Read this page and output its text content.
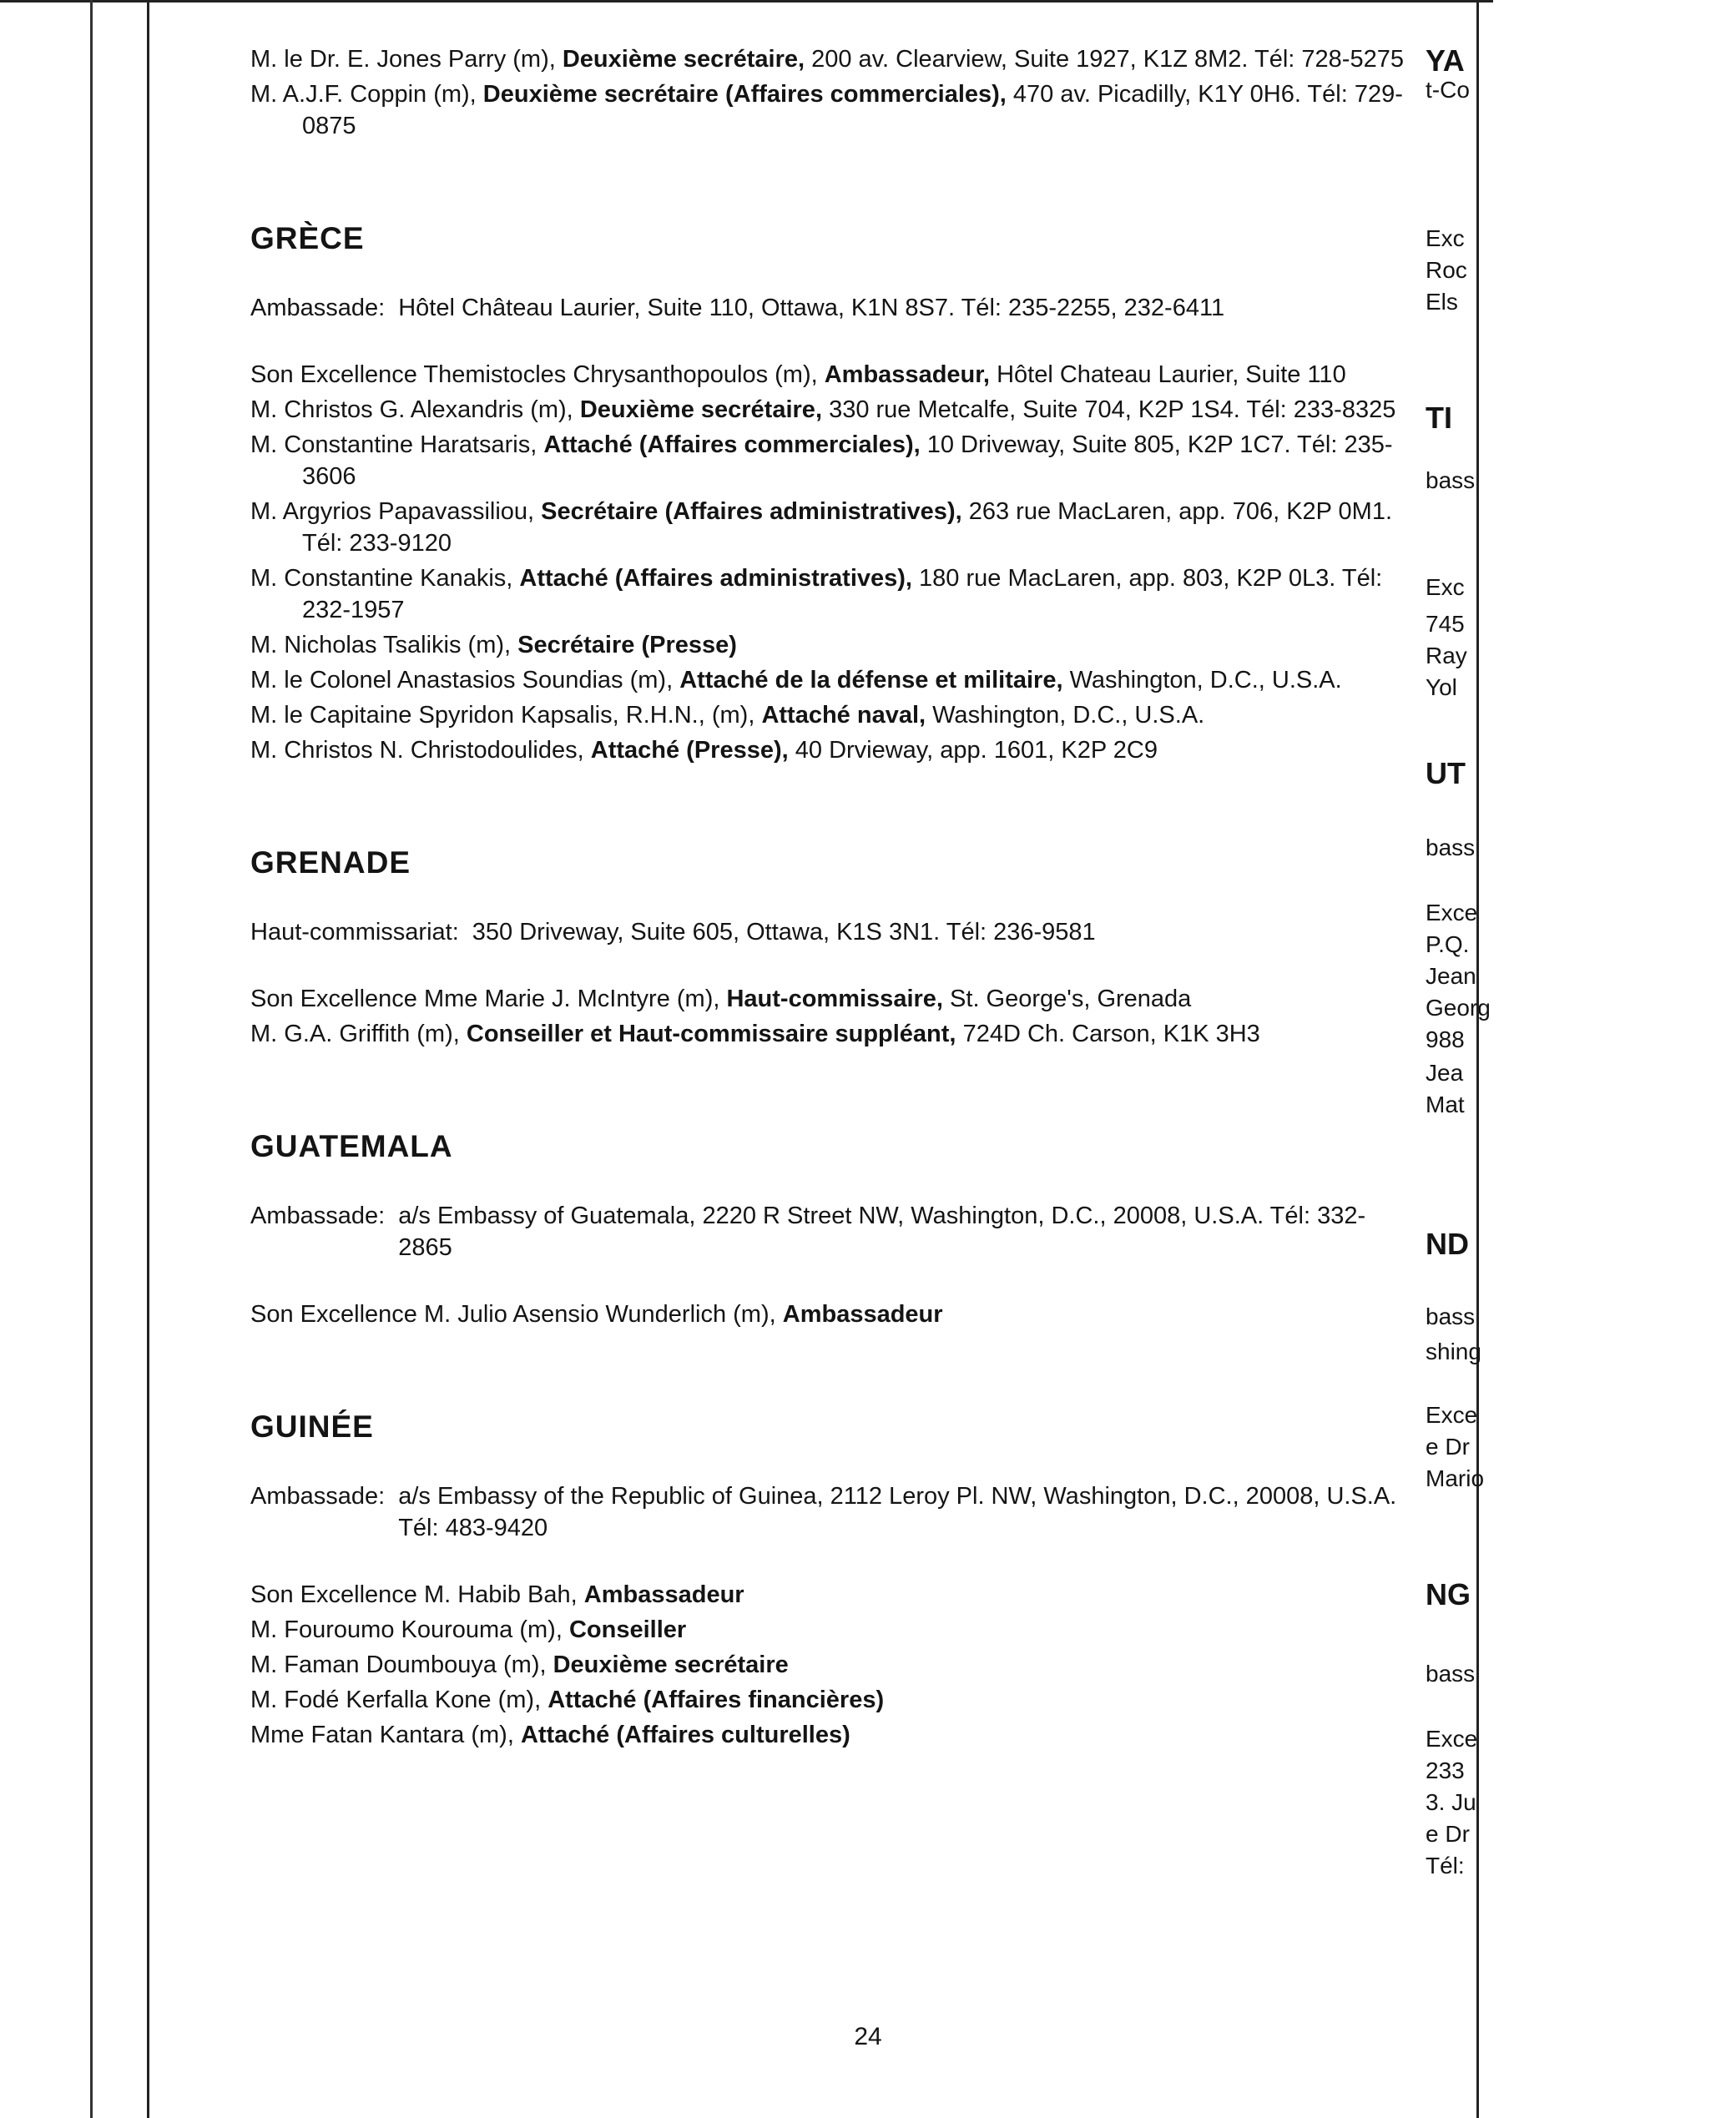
M. le Dr. E. Jones Parry (m), Deuxième secrétaire, 200 av. Clearview, Suite 1927, K1Z 8M2. Tél: 728-5275

M. A.J.F. Coppin (m), Deuxième secrétaire (Affaires commerciales), 470 av. Picadilly, K1Y 0H6. Tél: 729-0875

GRÈCE
Ambassade: Hôtel Château Laurier, Suite 110, Ottawa, K1N 8S7. Tél: 235-2255, 232-6411

Son Excellence Themistocles Chrysanthopoulos (m), Ambassadeur, Hôtel Chateau Laurier, Suite 110

M. Christos G. Alexandris (m), Deuxième secrétaire, 330 rue Metcalfe, Suite 704, K2P 1S4. Tél: 233-8325

M. Constantine Haratsaris, Attaché (Affaires commerciales), 10 Driveway, Suite 805, K2P 1C7. Tél: 235-3606

M. Argyrios Papavassiliou, Secrétaire (Affaires administratives), 263 rue MacLaren, app. 706, K2P 0M1. Tél: 233-9120

M. Constantine Kanakis, Attaché (Affaires administratives), 180 rue MacLaren, app. 803, K2P 0L3. Tél: 232-1957

M. Nicholas Tsalikis (m), Secrétaire (Presse)

M. le Colonel Anastasios Soundias (m), Attaché de la défense et militaire, Washington, D.C., U.S.A.

M. le Capitaine Spyridon Kapsalis, R.H.N., (m), Attaché naval, Washington, D.C., U.S.A.

M. Christos N. Christodoulides, Attaché (Presse), 40 Drvieway, app. 1601, K2P 2C9

GRENADE
Haut-commissariat: 350 Driveway, Suite 605, Ottawa, K1S 3N1. Tél: 236-9581

Son Excellence Mme Marie J. McIntyre (m), Haut-commissaire, St. George's, Grenada

M. G.A. Griffith (m), Conseiller et Haut-commissaire suppléant, 724D Ch. Carson, K1K 3H3

GUATEMALA
Ambassade: a/s Embassy of Guatemala, 2220 R Street NW, Washington, D.C., 20008, U.S.A. Tél: 332-2865

Son Excellence M. Julio Asensio Wunderlich (m), Ambassadeur

GUINÉE
Ambassade: a/s Embassy of the Republic of Guinea, 2112 Leroy Pl. NW, Washington, D.C., 20008, U.S.A. Tél: 483-9420

Son Excellence M. Habib Bah, Ambassadeur

M. Fouroumo Kourouma (m), Conseiller

M. Faman Doumbouya (m), Deuxième secrétaire

M. Fodé Kerfalla Kone (m), Attaché (Affaires financières)

Mme Fatan Kantara (m), Attaché (Affaires culturelles)

YA
t-Co
Exc
Roc
Els
TI
bass
Exc
745
Ray
Yol
UT
bass
Exce
P.Q.
Jean
Georg
988
Jea
Mat
ND
bass
shing
Exce
e Dr
Mario
NG
bass
Exce
233
3. Ju
e Dr
Tél:
24
